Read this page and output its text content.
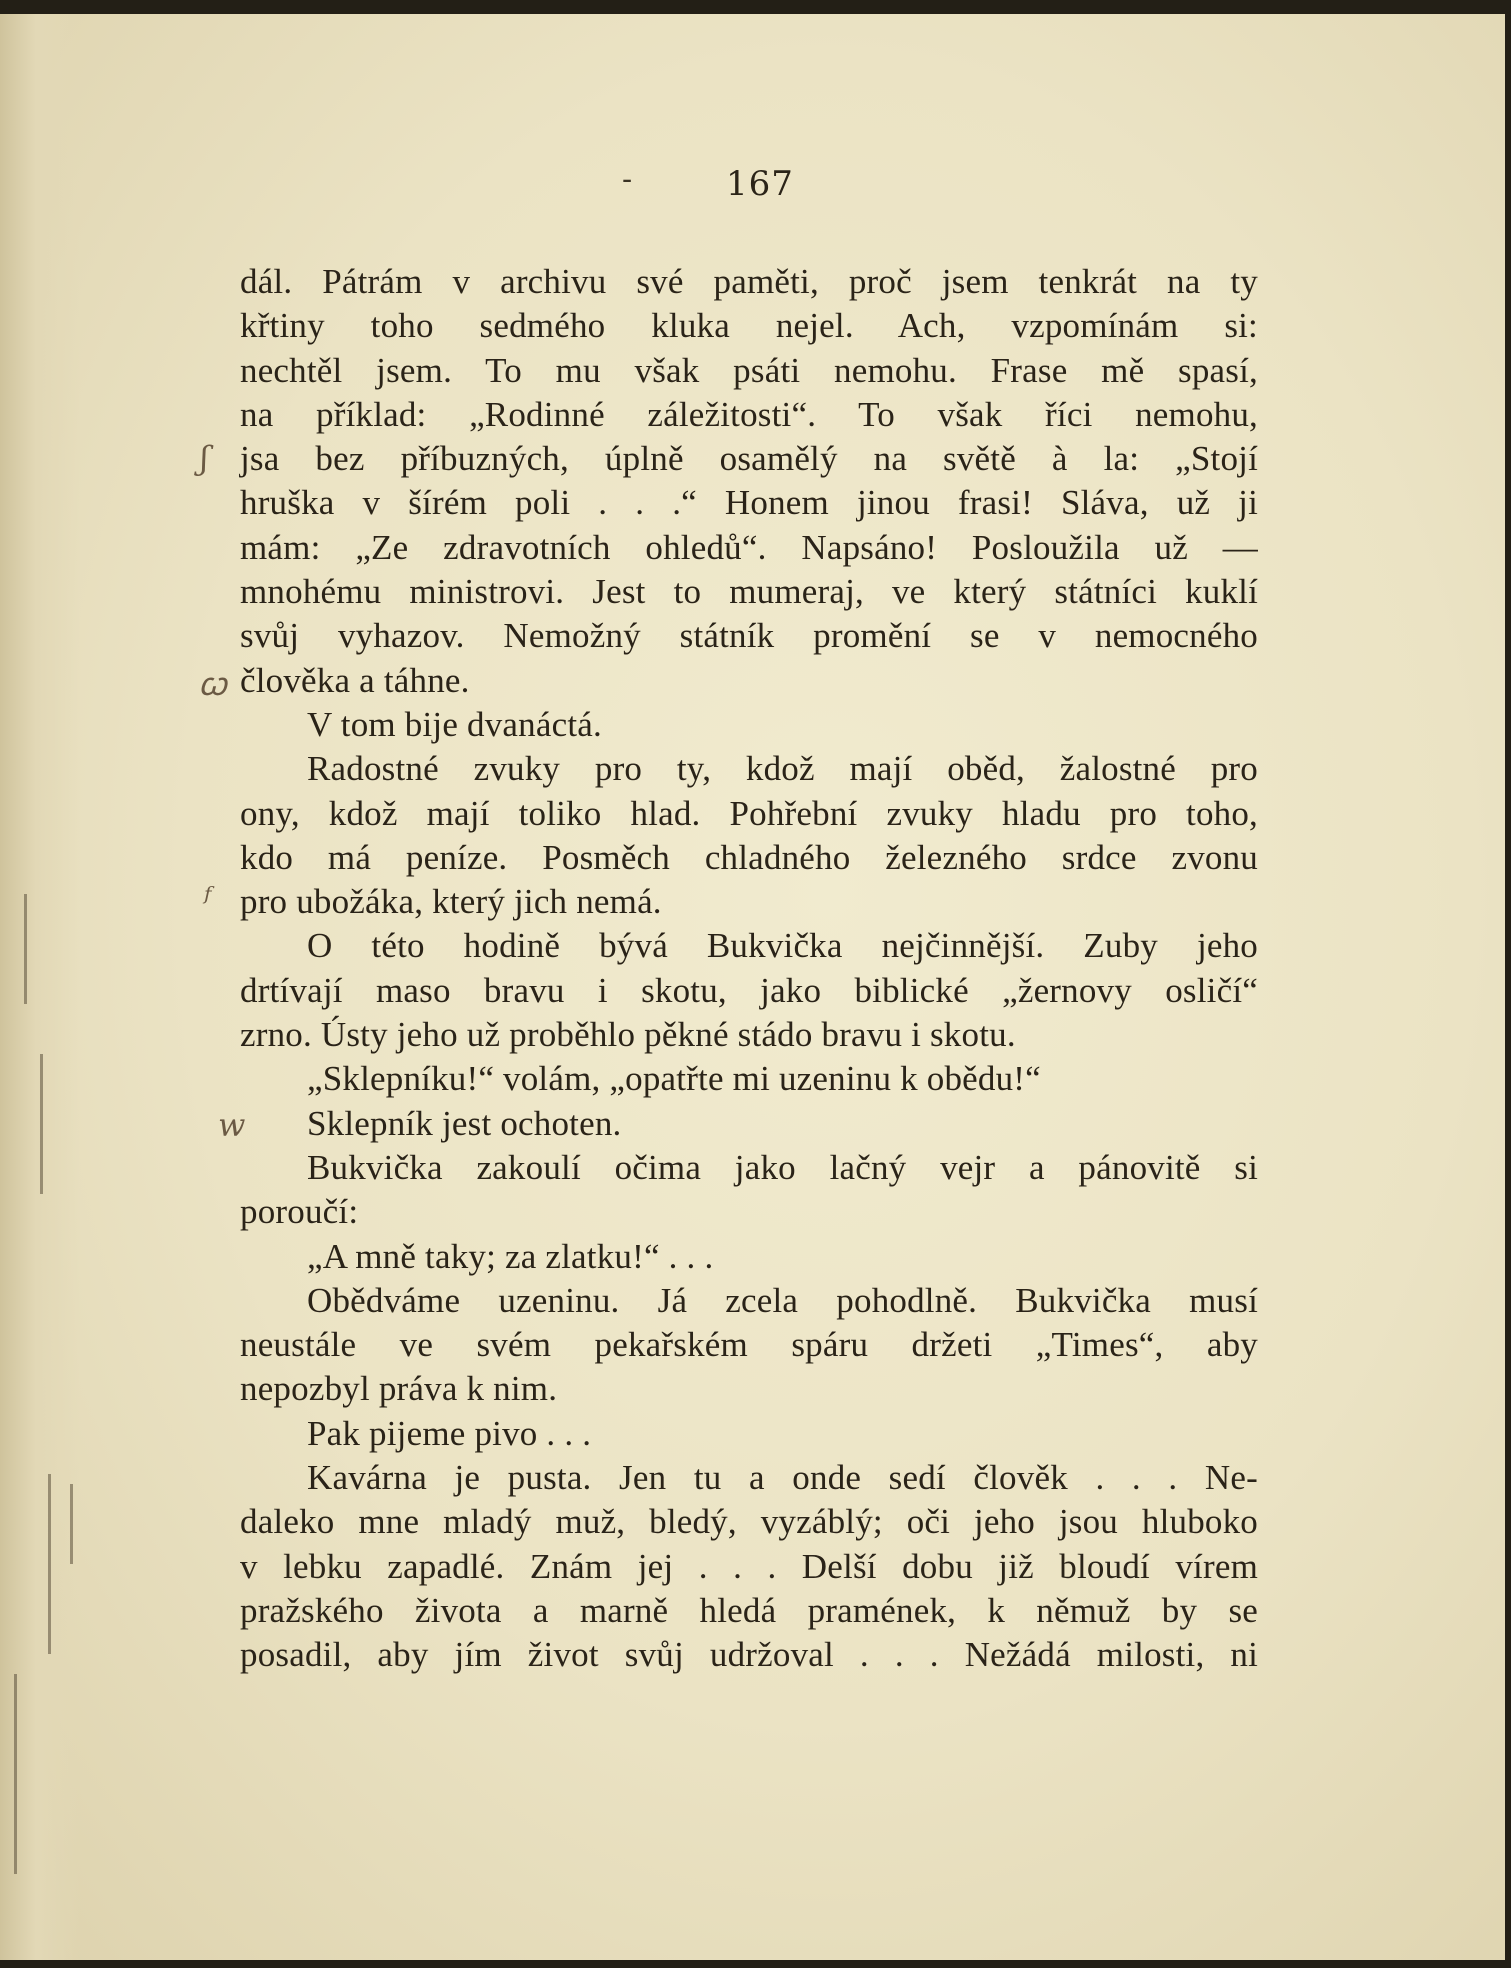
-	167
ʃ
ꞷ
ᶠ
w
dál. Pátrám v archivu své paměti, proč jsem tenkrát na ty
křtiny toho sedmého kluka nejel. Ach, vzpomínám si:
nechtěl jsem. To mu však psáti nemohu. Frase mě spasí,
na příklad: „Rodinné záležitosti“. To však říci nemohu,
jsa bez příbuzných, úplně osamělý na světě à la: „Stojí
hruška v šírém poli . . .“ Honem jinou frasi! Sláva, už ji
mám: „Ze zdravotních ohledů“. Napsáno! Posloužila už —
mnohému ministrovi. Jest to mumeraj, ve který státníci kuklí
svůj vyhazov. Nemožný státník promění se v nemocného
člověka a táhne.
V tom bije dvanáctá.
Radostné zvuky pro ty, kdož mají oběd, žalostné pro
ony, kdož mají toliko hlad. Pohřební zvuky hladu pro toho,
kdo má peníze. Posměch chladného železného srdce zvonu
pro ubožáka, který jich nemá.
O této hodině bývá Bukvička nejčinnější. Zuby jeho
drtívají maso bravu i skotu, jako biblické „žernovy osličí“
zrno. Ústy jeho už proběhlo pěkné stádo bravu i skotu.
„Sklepníku!“ volám, „opatřte mi uzeninu k obědu!“
Sklepník jest ochoten.
Bukvička zakoulí očima jako lačný vejr a pánovitě si
poroučí:
„A mně taky; za zlatku!“ . . .
Obědváme uzeninu. Já zcela pohodlně. Bukvička musí
neustále ve svém pekařském spáru držeti „Times“, aby
nepozbyl práva k nim.
Pak pijeme pivo . . .
Kavárna je pusta. Jen tu a onde sedí člověk . . . Ne-
daleko mne mladý muž, bledý, vyzáblý; oči jeho jsou hluboko
v lebku zapadlé. Znám jej . . . Delší dobu již bloudí vírem
pražského života a marně hledá pramének, k němuž by se
posadil, aby jím život svůj udržoval . . . Nežádá milosti, ni
